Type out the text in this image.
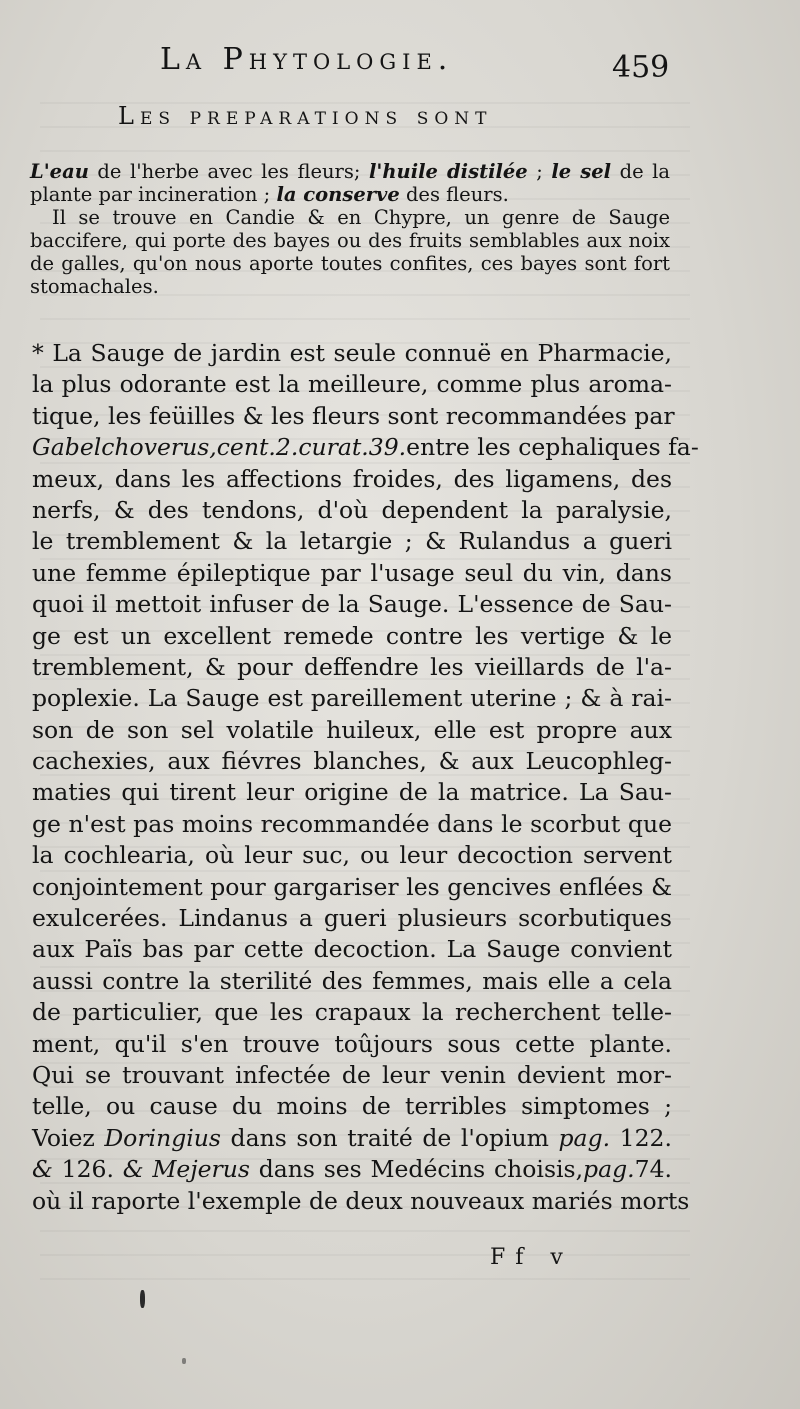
La Phytologie.	459
Les preparations sont

L'eau de l'herbe avec les fleurs; l'huile distilée ; le sel de la plante par incineration ; la conserve des fleurs.

Il se trouve en Candie & en Chypre, un genre de Sauge baccifere, qui porte des bayes ou des fruits semblables aux noix de galles, qu'on nous aporte toutes confites, ces bayes sont fort stomachales.

* La Sauge de jardin est seule connuë en Pharmacie,
la plus odorante est la meilleure, comme plus aroma-
tique, les feüilles & les fleurs sont recommandées par
Gabelchoverus,cent.2.curat.39.entre les cephaliques fa-
meux, dans les affections froides, des ligamens, des
nerfs, & des tendons, d'où dependent la paralysie,
le tremblement & la letargie ; & Rulandus a gueri
une femme épileptique par l'usage seul du vin, dans
quoi il mettoit infuser de la Sauge. L'essence de Sau-
ge est un excellent remede contre les vertige & le
tremblement, & pour deffendre les vieillards de l'a-
poplexie. La Sauge est pareillement uterine ; & à rai-
son de son sel volatile huileux, elle est propre aux
cachexies, aux fiévres blanches, & aux Leucophleg-
maties qui tirent leur origine de la matrice. La Sau-
ge n'est pas moins recommandée dans le scorbut que
la cochlearia, où leur suc, ou leur decoction servent
conjointement pour gargariser les gencives enflées &
exulcerées. Lindanus a gueri plusieurs scorbutiques
aux Païs bas par cette decoction. La Sauge convient
aussi contre la sterilité des femmes, mais elle a cela
de particulier, que les crapaux la recherchent telle-
ment, qu'il s'en trouve toûjours sous cette plante.
Qui se trouvant infectée de leur venin devient mor-
telle, ou cause du moins de terribles simptomes ;
Voiez Doringius dans son traité de l'opium pag. 122.
& 126. & Mejerus dans ses Medécins choisis,pag.74.
où il raporte l'exemple de deux nouveaux mariés morts
Ff v
